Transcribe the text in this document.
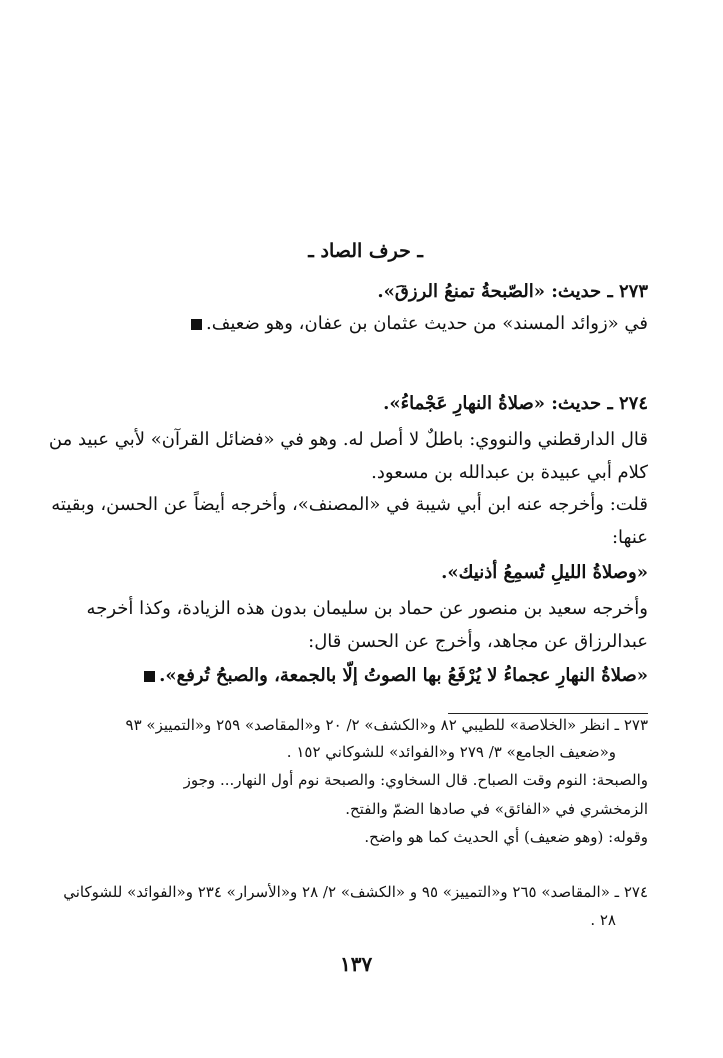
ـ حرف الصاد ـ
٢٧٣ ـ حديث: «الصّبحةُ تمنعُ الرزقَ».
في «زوائد المسند» من حديث عثمان بن عفان، وهو ضعيف.
٢٧٤ ـ حديث: «صلاةُ النهارِ عَجْماءُ».
قال الدارقطني والنووي: باطلٌ لا أصل له. وهو في «فضائل القرآن» لأبي عبيد من
كلام أبي عبيدة بن عبدالله بن مسعود.
قلت: وأخرجه عنه ابن أبي شيبة في «المصنف»، وأخرجه أيضاً عن الحسن، وبقيته
عنها:
«وصلاةُ الليلِ تُسمِعُ أذنيك».
وأخرجه سعيد بن منصور عن حماد بن سليمان بدون هذه الزيادة، وكذا أخرجه
عبدالرزاق عن مجاهد، وأخرج عن الحسن قال:
«صلاةُ النهارِ عجماءُ لا يُرْفَعُ بها الصوتُ إلّا بالجمعة، والصبحُ تُرفع».
٢٧٣ ـ انظر «الخلاصة» للطيبي ٨٢ و«الكشف» ٢/ ٢٠ و«المقاصد» ٢٥٩ و«التمييز» ٩٣
و«ضعيف الجامع» ٣/ ٢٧٩ و«الفوائد» للشوكاني ١٥٢ .
والصبحة: النوم وقت الصباح. قال السخاوي: والصبحة نوم أول النهار... وجوز
الزمخشري في «الفائق» في صادها الضمّ والفتح.
وقوله: (وهو ضعيف) أي الحديث كما هو واضح.
٢٧٤ ـ «المقاصد» ٢٦٥ و«التمييز» ٩٥ و «الكشف» ٢/ ٢٨ و«الأسرار» ٢٣٤ و«الفوائد» للشوكاني
٢٨ .
١٣٧
